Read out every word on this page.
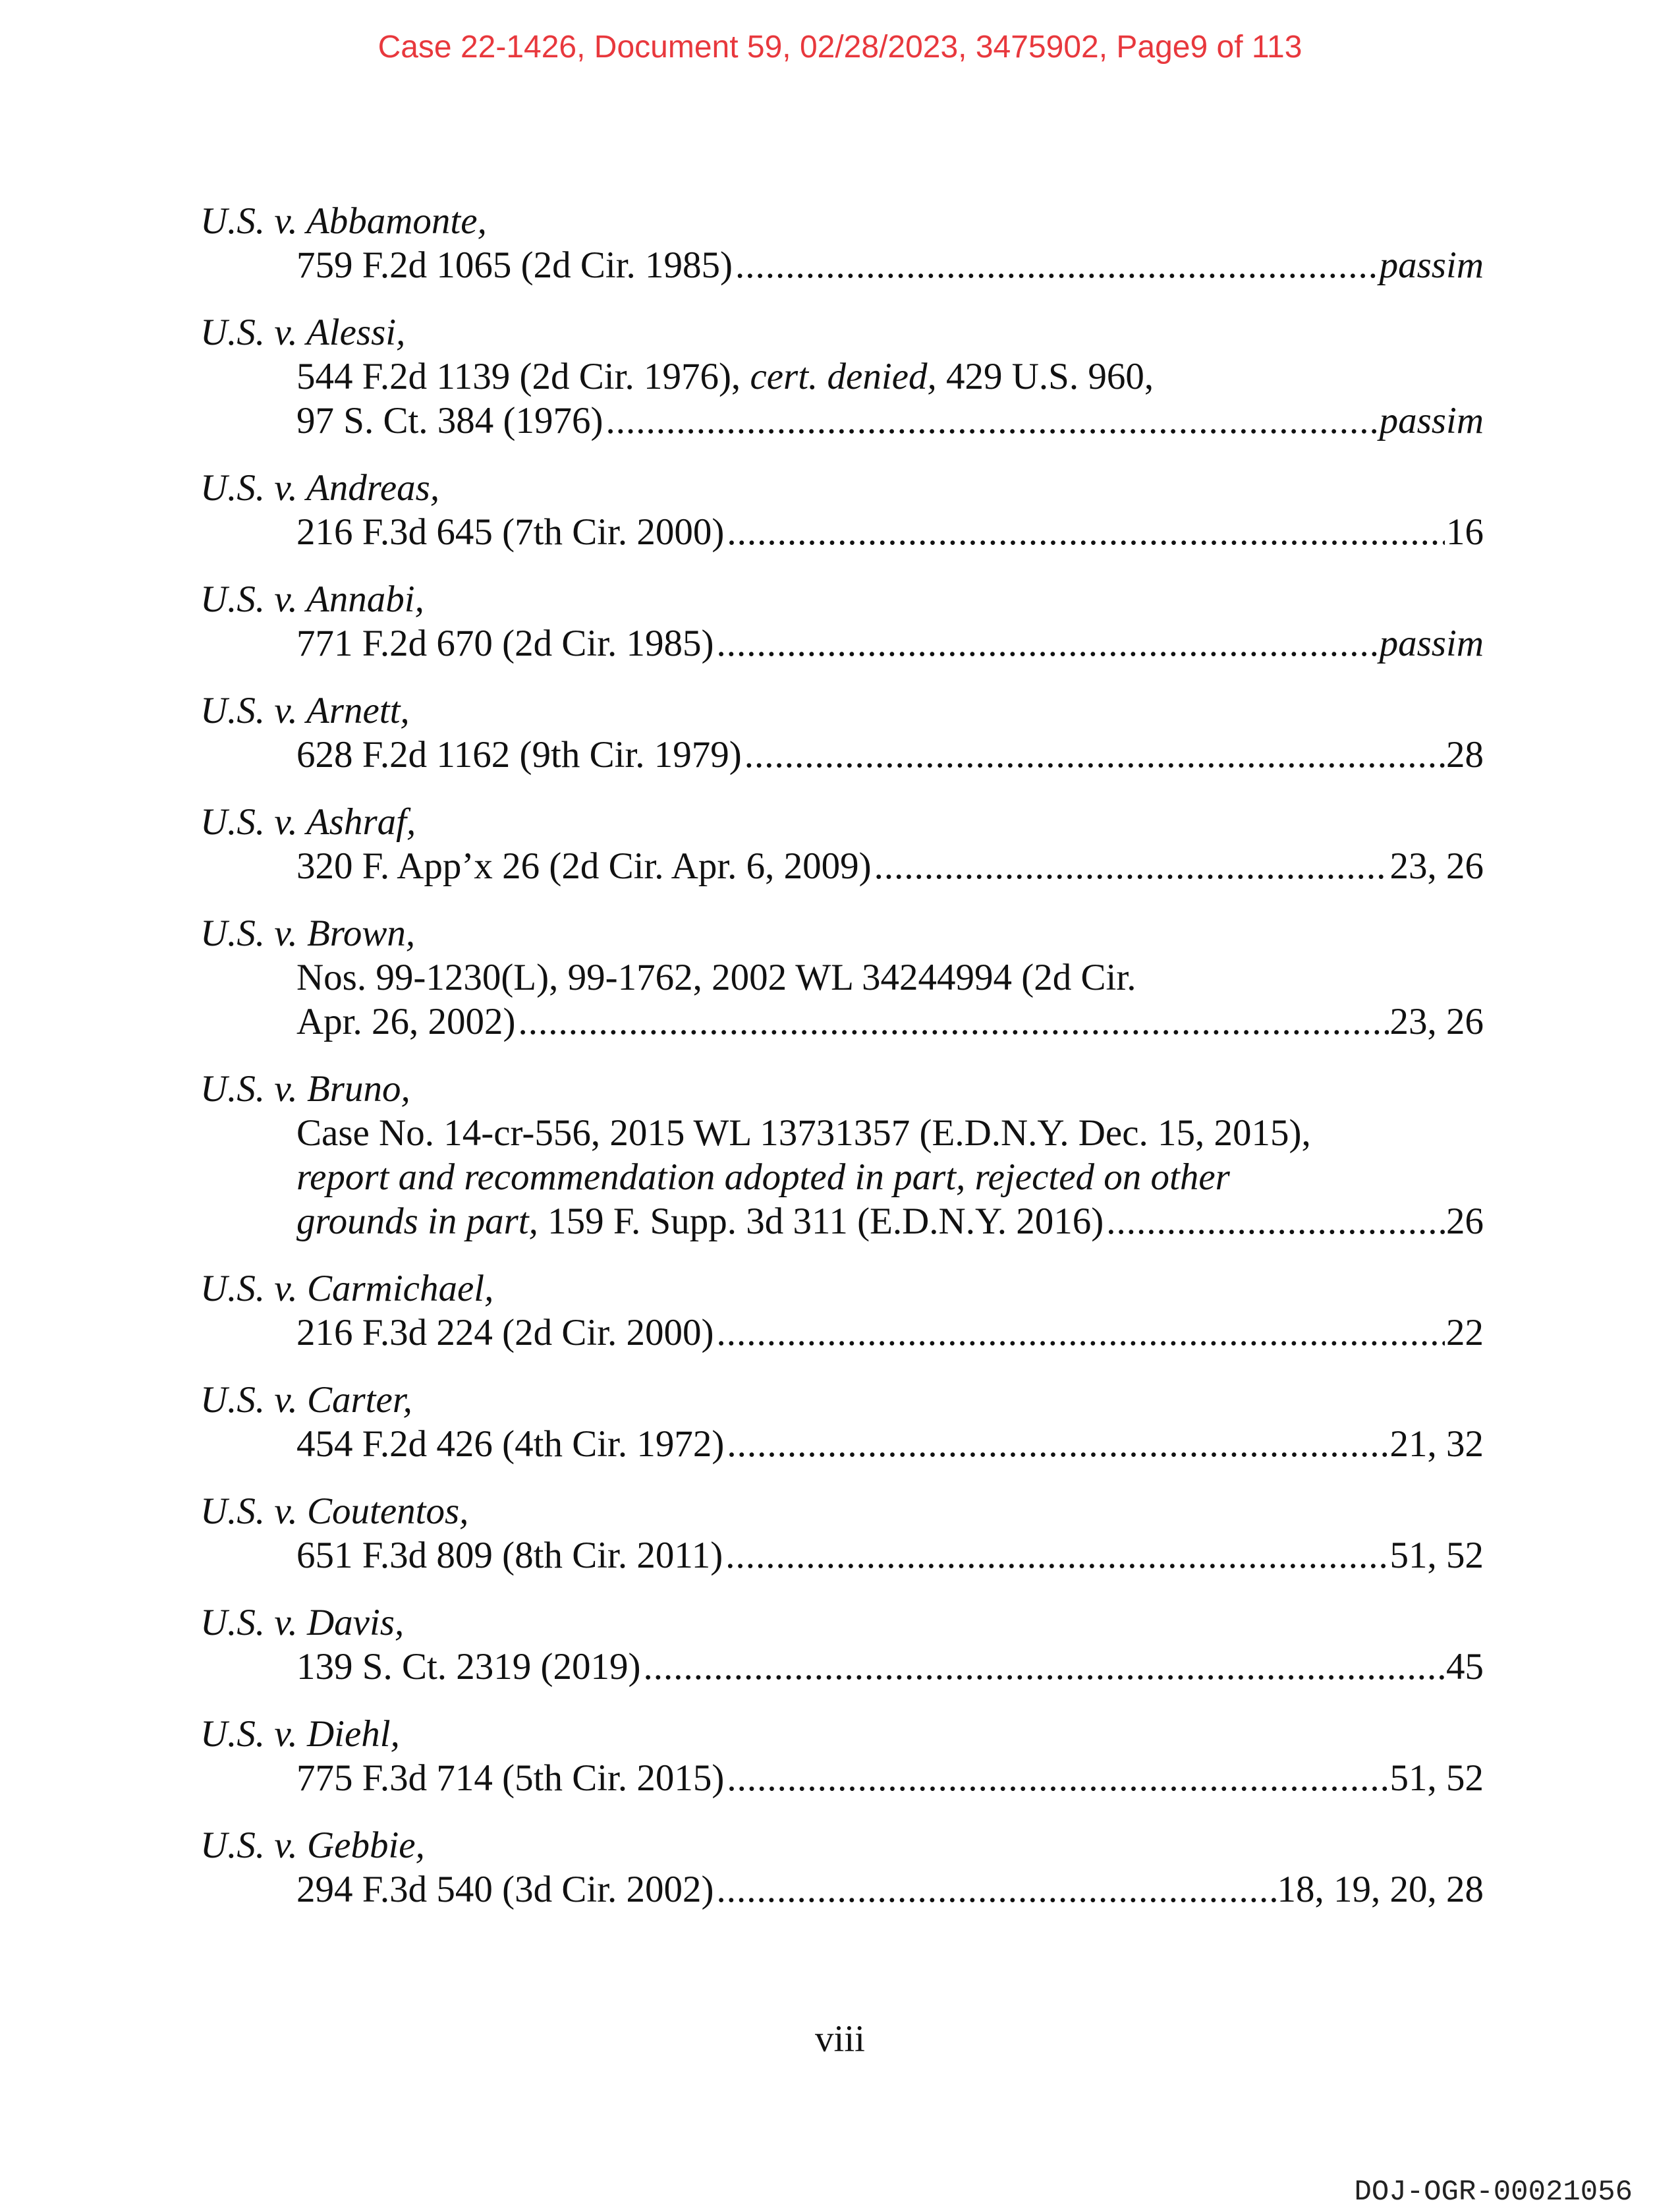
Case 22-1426, Document 59, 02/28/2023, 3475902, Page9 of 113
U.S. v. Abbamonte,
759 F.2d 1065 (2d Cir. 1985) .....	passim
U.S. v. Alessi,
544 F.2d 1139 (2d Cir. 1976), cert. denied, 429 U.S. 960,
97 S. Ct. 384 (1976) .....	passim
U.S. v. Andreas,
216 F.3d 645 (7th Cir. 2000) .....	16
U.S. v. Annabi,
771 F.2d 670 (2d Cir. 1985) .....	passim
U.S. v. Arnett,
628 F.2d 1162 (9th Cir. 1979) .....	28
U.S. v. Ashraf,
320 F. App’x 26 (2d Cir. Apr. 6, 2009) .....	23, 26
U.S. v. Brown,
Nos. 99-1230(L), 99-1762, 2002 WL 34244994 (2d Cir.
Apr. 26, 2002) .....	23, 26
U.S. v. Bruno,
Case No. 14-cr-556, 2015 WL 13731357 (E.D.N.Y. Dec. 15, 2015),
report and recommendation adopted in part, rejected on other
grounds in part, 159 F. Supp. 3d 311 (E.D.N.Y. 2016) .....	26
U.S. v. Carmichael,
216 F.3d 224 (2d Cir. 2000) .....	22
U.S. v. Carter,
454 F.2d 426 (4th Cir. 1972) .....	21, 32
U.S. v. Coutentos,
651 F.3d 809 (8th Cir. 2011) .....	51, 52
U.S. v. Davis,
139 S. Ct. 2319 (2019) .....	45
U.S. v. Diehl,
775 F.3d 714 (5th Cir. 2015) .....	51, 52
U.S. v. Gebbie,
294 F.3d 540 (3d Cir. 2002) .....	18, 19, 20, 28
viii
DOJ-OGR-00021056
